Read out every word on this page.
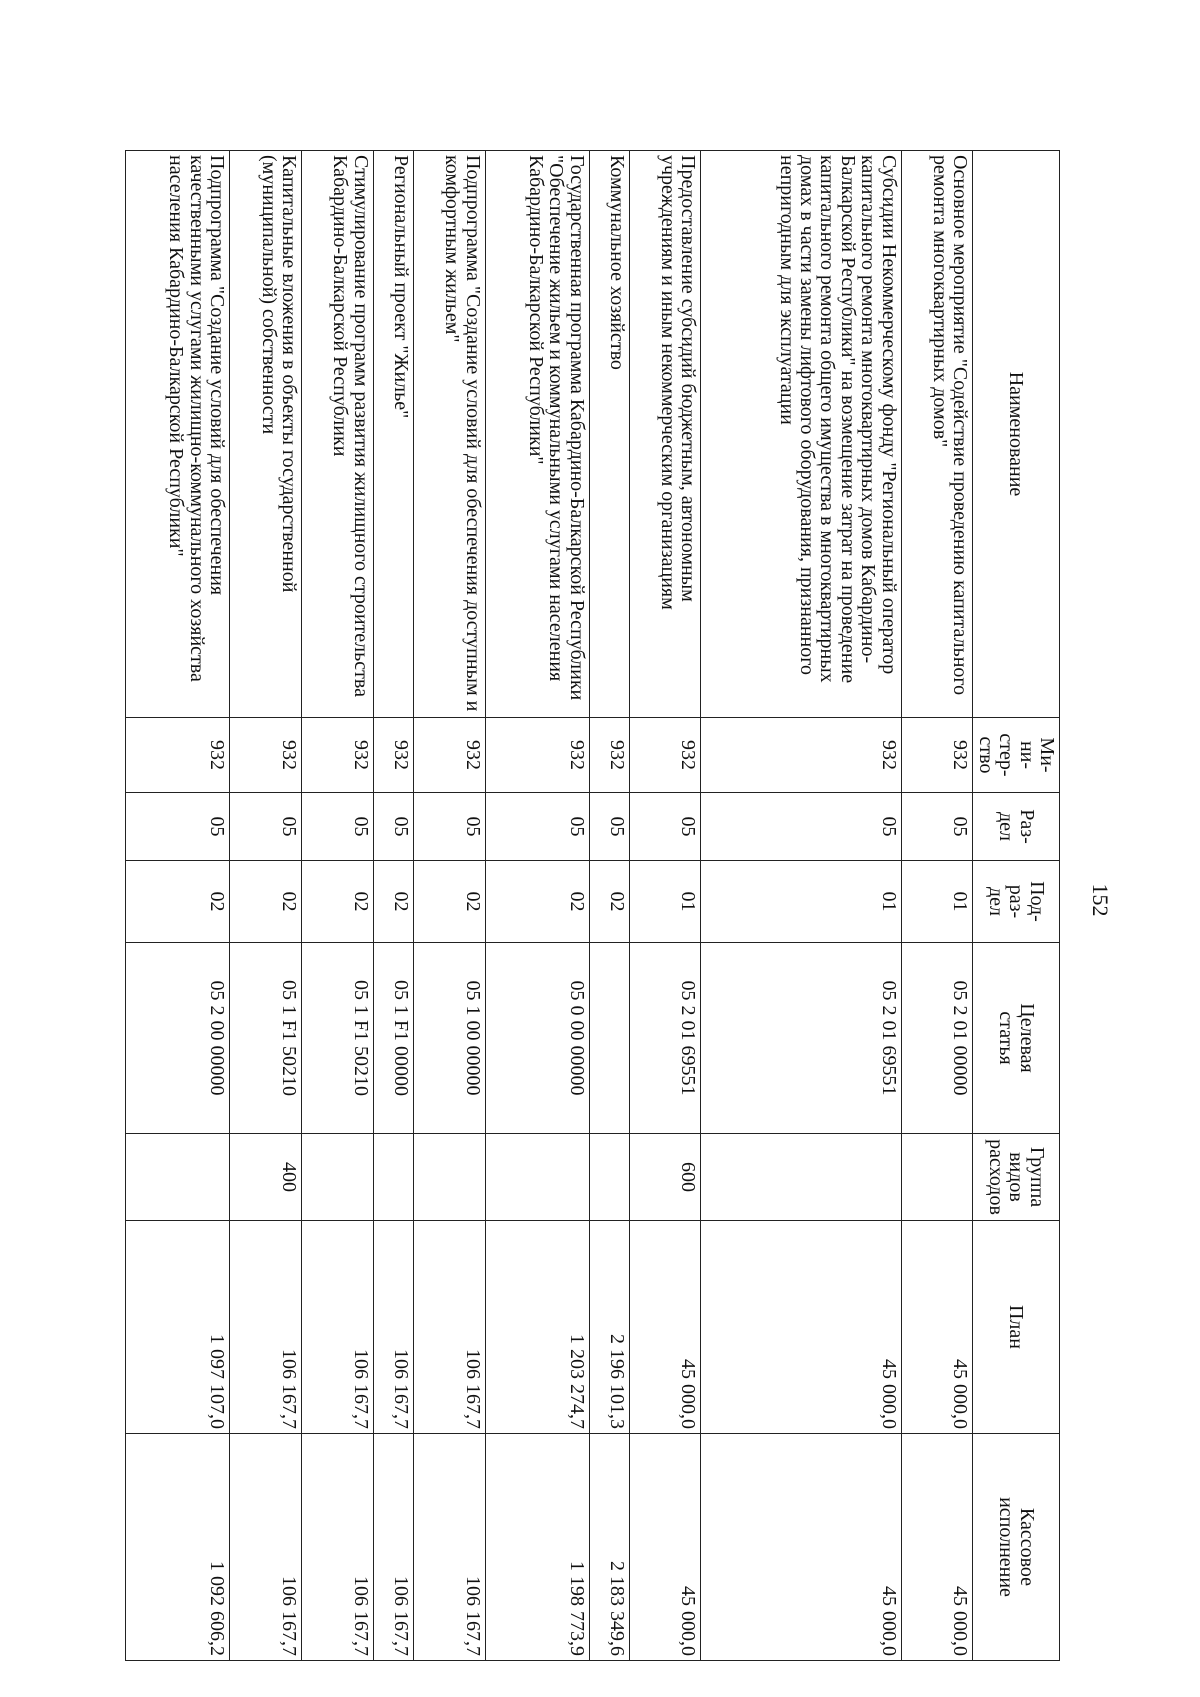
152
Наименование	Ми-
ни-
стер-
ство	Раз-
дел	Под-
раз-
дел	Целевая
статья	Группа
видов
расходов	План	Кассовое
исполнение
Основное мероприятие "Содействие проведению капитального ремонта многоквартирных домов"	932	05	01	05 2 01 00000		45 000,0	45 000,0
Субсидии Некоммерческому фонду "Региональный оператор капитального ремонта многоквартирных домов Кабардино-Балкарской Республики" на возмещение затрат на проведение капитального ремонта общего имущества в многоквартирных домах в части замены лифтового оборудования, признанного непригодным для эксплуатации	932	05	01	05 2 01 69551		45 000,0	45 000,0
Предоставление субсидий бюджетным, автономным учреждениям и иным некоммерческим организациям	932	05	01	05 2 01 69551	600	45 000,0	45 000,0
Коммунальное хозяйство	932	05	02			2 196 101,3	2 183 349,6
Государственная программа Кабардино-Балкарской Республики "Обеспечение жильем и коммунальными услугами населения Кабардино-Балкарской Республики"	932	05	02	05 0 00 00000		1 203 274,7	1 198 773,9
Подпрограмма "Создание условий для обеспечения доступным и комфортным жильем"	932	05	02	05 1 00 00000		106 167,7	106 167,7
Региональный проект "Жилье"	932	05	02	05 1 F1 00000		106 167,7	106 167,7
Стимулирование программ развития жилищного строительства Кабардино-Балкарской Республики	932	05	02	05 1 F1 50210		106 167,7	106 167,7
Капитальные вложения в объекты государственной (муниципальной) собственности	932	05	02	05 1 F1 50210	400	106 167,7	106 167,7
Подпрограмма "Создание условий для обеспечения качественными услугами жилищно-коммунального хозяйства населения Кабардино-Балкарской Республики"	932	05	02	05 2 00 00000		1 097 107,0	1 092 606,2
